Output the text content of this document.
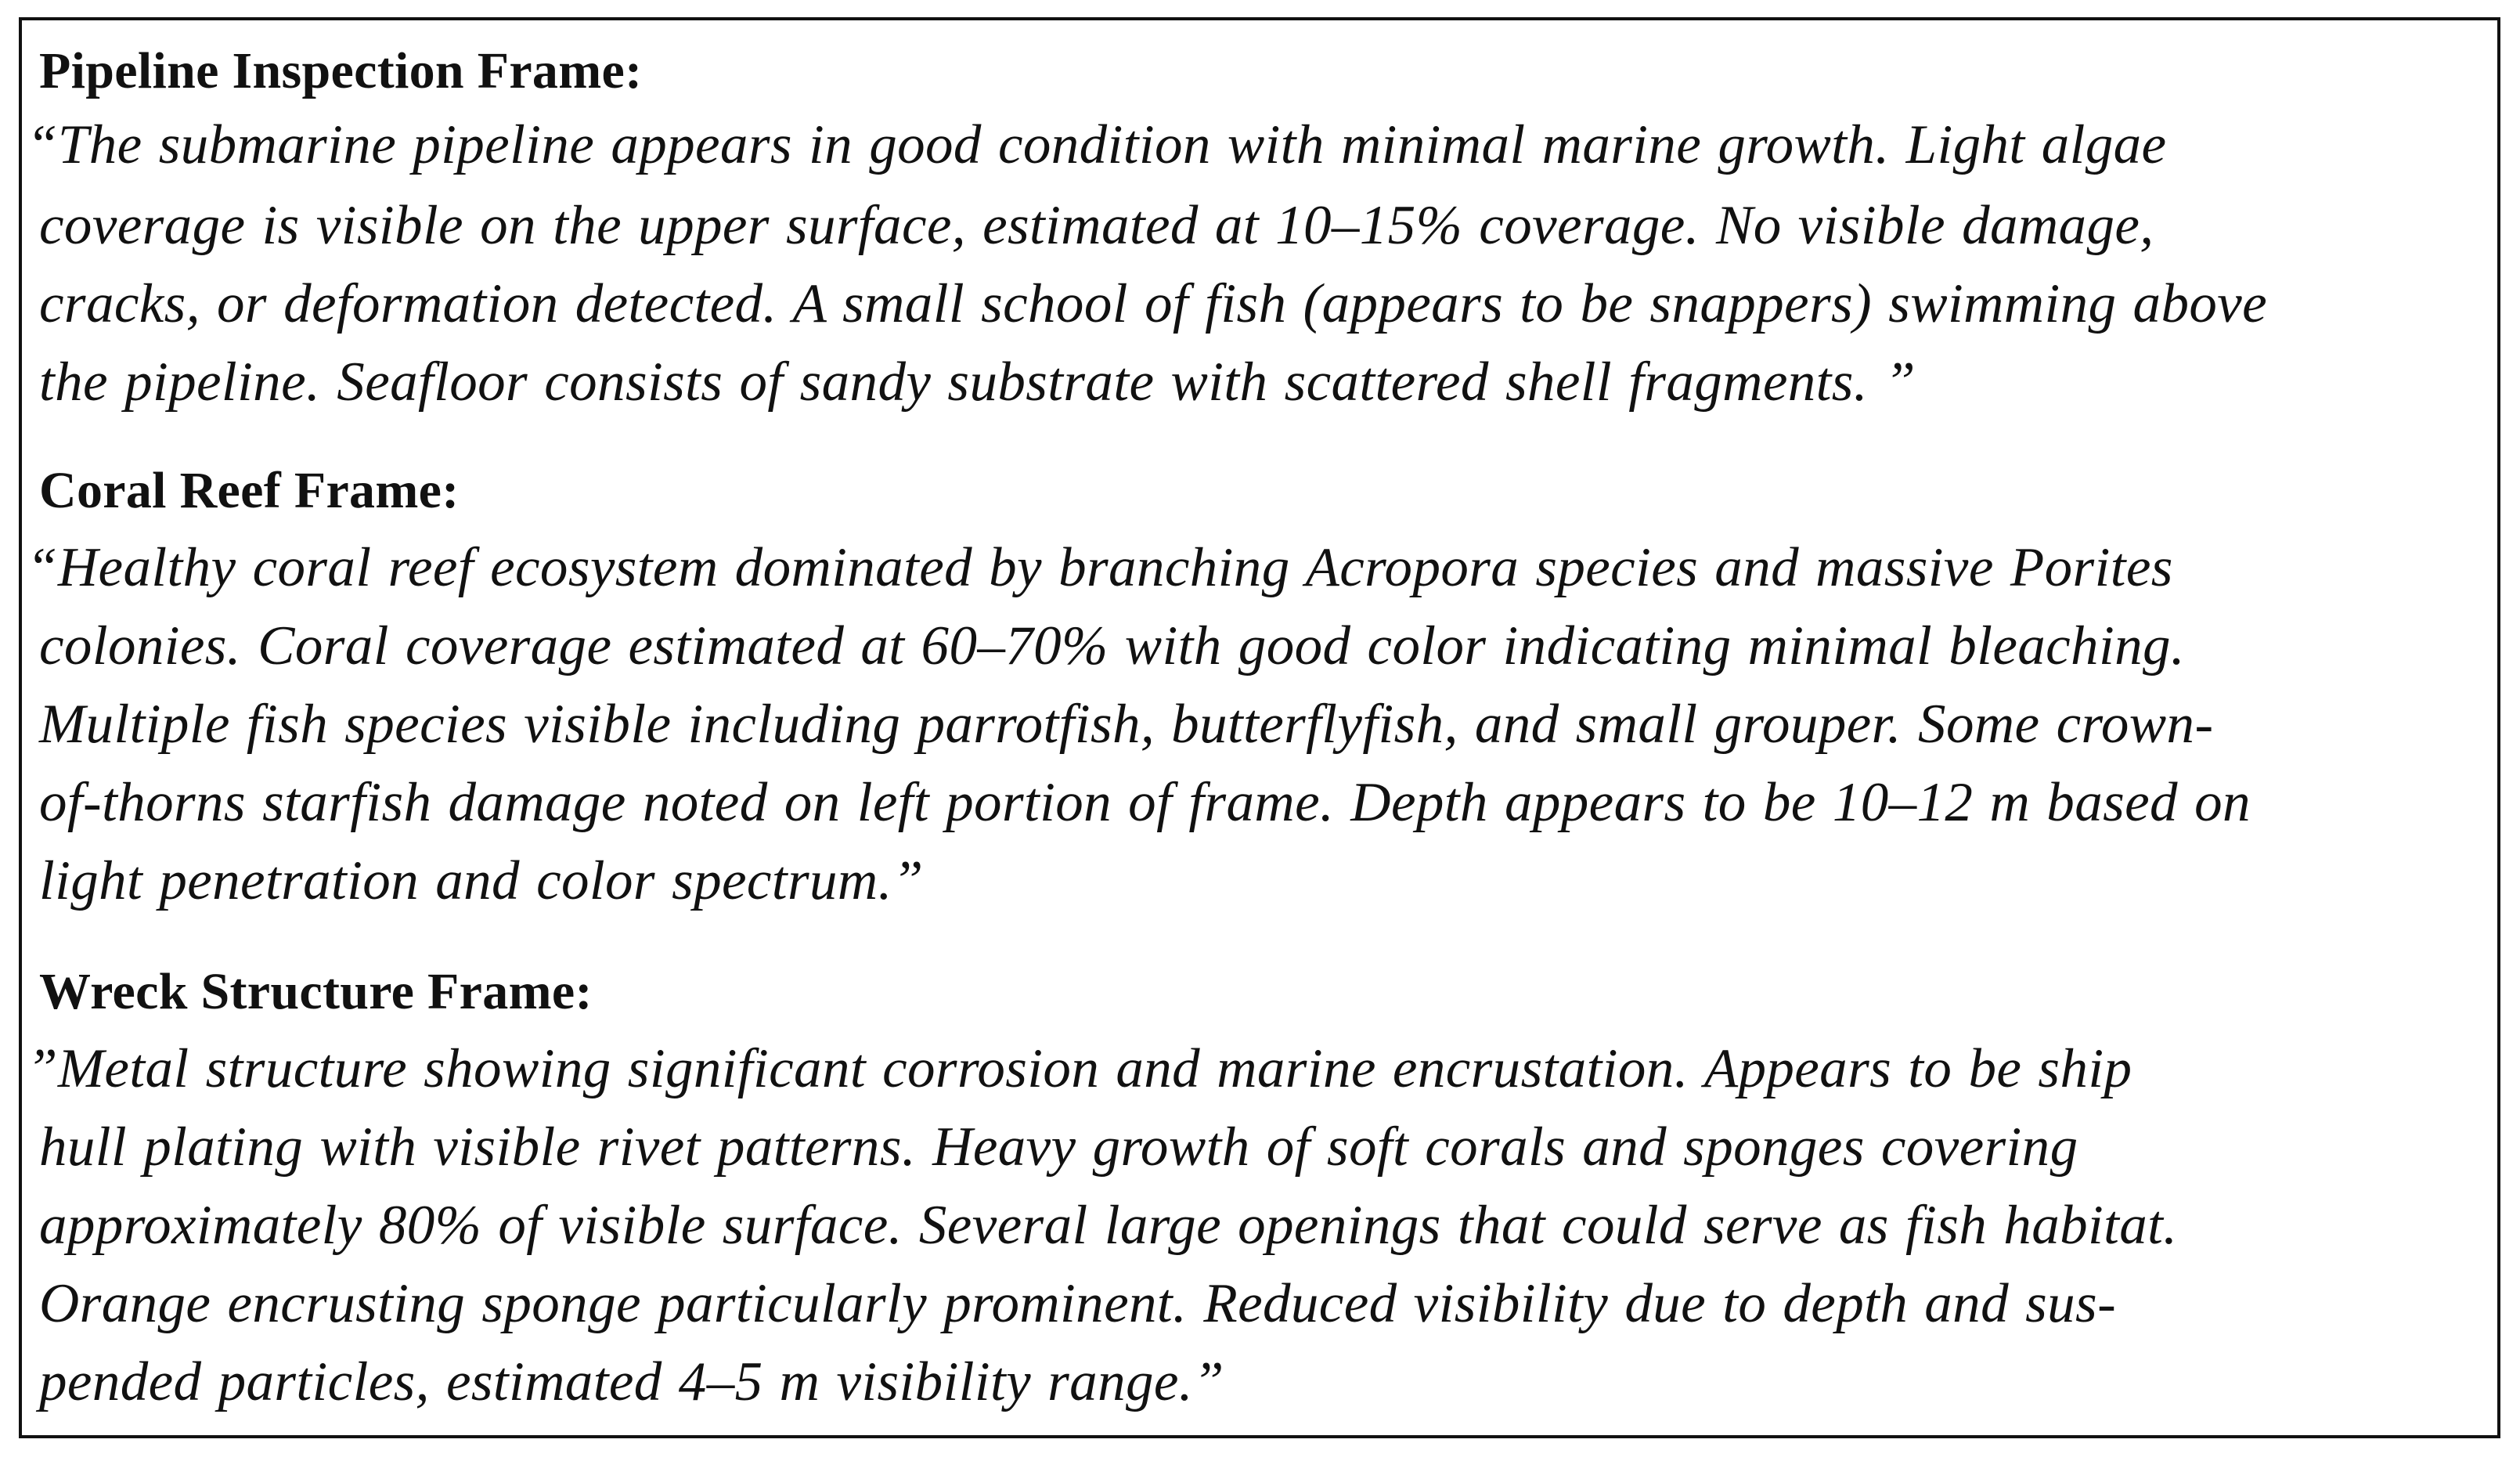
Pipeline Inspection Frame:
“The submarine pipeline appears in good condition with minimal marine growth. Light algae
coverage is visible on the upper surface, estimated at 10–15% coverage. No visible damage,
cracks, or deformation detected. A small school of fish (appears to be snappers) swimming above
the pipeline. Seafloor consists of sandy substrate with scattered shell fragments. ”
Coral Reef Frame:
“Healthy coral reef ecosystem dominated by branching Acropora species and massive Porites
colonies. Coral coverage estimated at 60–70% with good color indicating minimal bleaching.
Multiple fish species visible including parrotfish, butterflyfish, and small grouper. Some crown-
of-thorns starfish damage noted on left portion of frame. Depth appears to be 10–12 m based on
light penetration and color spectrum.”
Wreck Structure Frame:
”Metal structure showing significant corrosion and marine encrustation. Appears to be ship
hull plating with visible rivet patterns. Heavy growth of soft corals and sponges covering
approximately 80% of visible surface. Several large openings that could serve as fish habitat.
Orange encrusting sponge particularly prominent. Reduced visibility due to depth and sus-
pended particles, estimated 4–5 m visibility range.”
